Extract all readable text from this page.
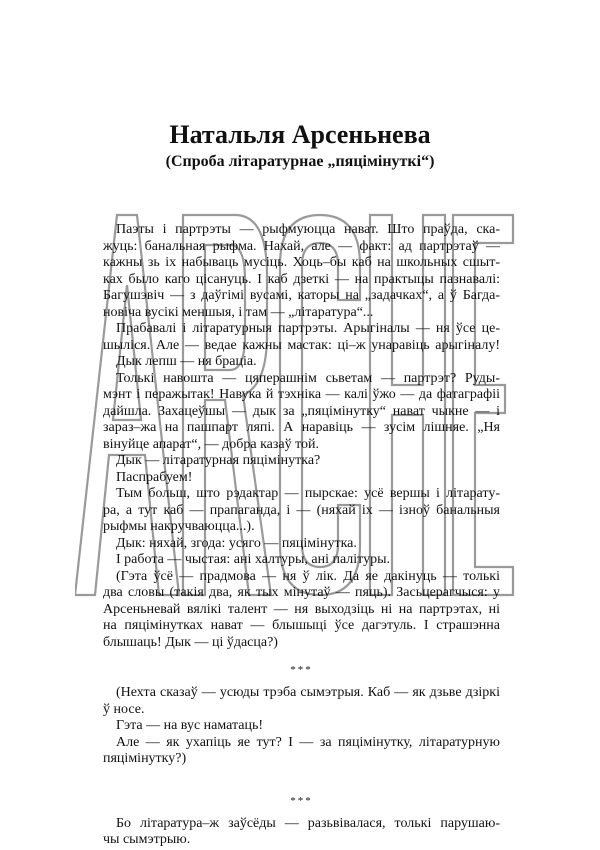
Натальля Арсеньнева
(Спроба літаратурнае „пяцімінуткі“)
Паэты і партрэты — рыфмуюцца нават. Што праўда, ска-
жуць: банальная рыфма. Нахай, але — факт: ад партрэтаў —
кажны зь іх набываць мусіць. Хоць–бы каб на школьных сшыт-
ках было каго цісануць. І каб дзеткі — на практыцы пазнавалі:
Багушэвіч — з даўгімі вусамі, каторы на „задачках“, а ў Багда-
новіча вусікі меншыя, і там — „літаратура“...
Прабавалі і літаратурныя партрэты. Арыгіналы — ня ўсе це-
шыліся. Але — ведае кажны мастак: ці–ж унаравіць арыгіналу!
Дык лепш — ня браціа.
Толькі навошта — цяперашнім сьветам — партрэт? Руды-
мэнт і перажытак! Навука й тэхніка — калі ўжо — да фатаграфіі
дайшла. Захацеўшы — дык за „пяцімінутку“ нават чыкне — і
зараз–жа на пашпарт ляпі. А наравіць — зусім лішняе. „Ня
вінуйце апарат“, — добра казаў той.
Дык — літаратурная пяцімінутка?
Паспрабуем!
Тым больш, што рэдактар — пырскае: усё вершы і літарату-
ра, а тут каб — прапаганда, і — (няхай іх — ізноў банальныя
рыфмы накручваюцца...).
Дык: няхай, згода: усяго — пяцімінутка.
І работа — чыстая: ані халтуры, ані палітуры.
(Гэта ўсё — прадмова — ня ў лік. Да яе дакінуць — толькі
два словы (такія два, як тых мінутаў — пяць). Засьцерагчыся: у
Арсеньневай вялікі талент — ня выходзіць ні на партрэтах, ні
на пяцімінутках нават — блышыці ўсе дагэтуль. І страшэнна
блышаць! Дык — ці ўдасца?)
***
(Нехта сказаў — усюды трэба сымэтрыя. Каб — як дзьве дзіркі
ў носе.
Гэта — на вус наматаць!
Але — як ухапіць яе тут? І — за пяцімінутку, літаратурную
пяцімінутку?)
***
Бо літаратура–ж заўсёды — разьвівалася, толькі парушаю-
чы сымэтрыю.
